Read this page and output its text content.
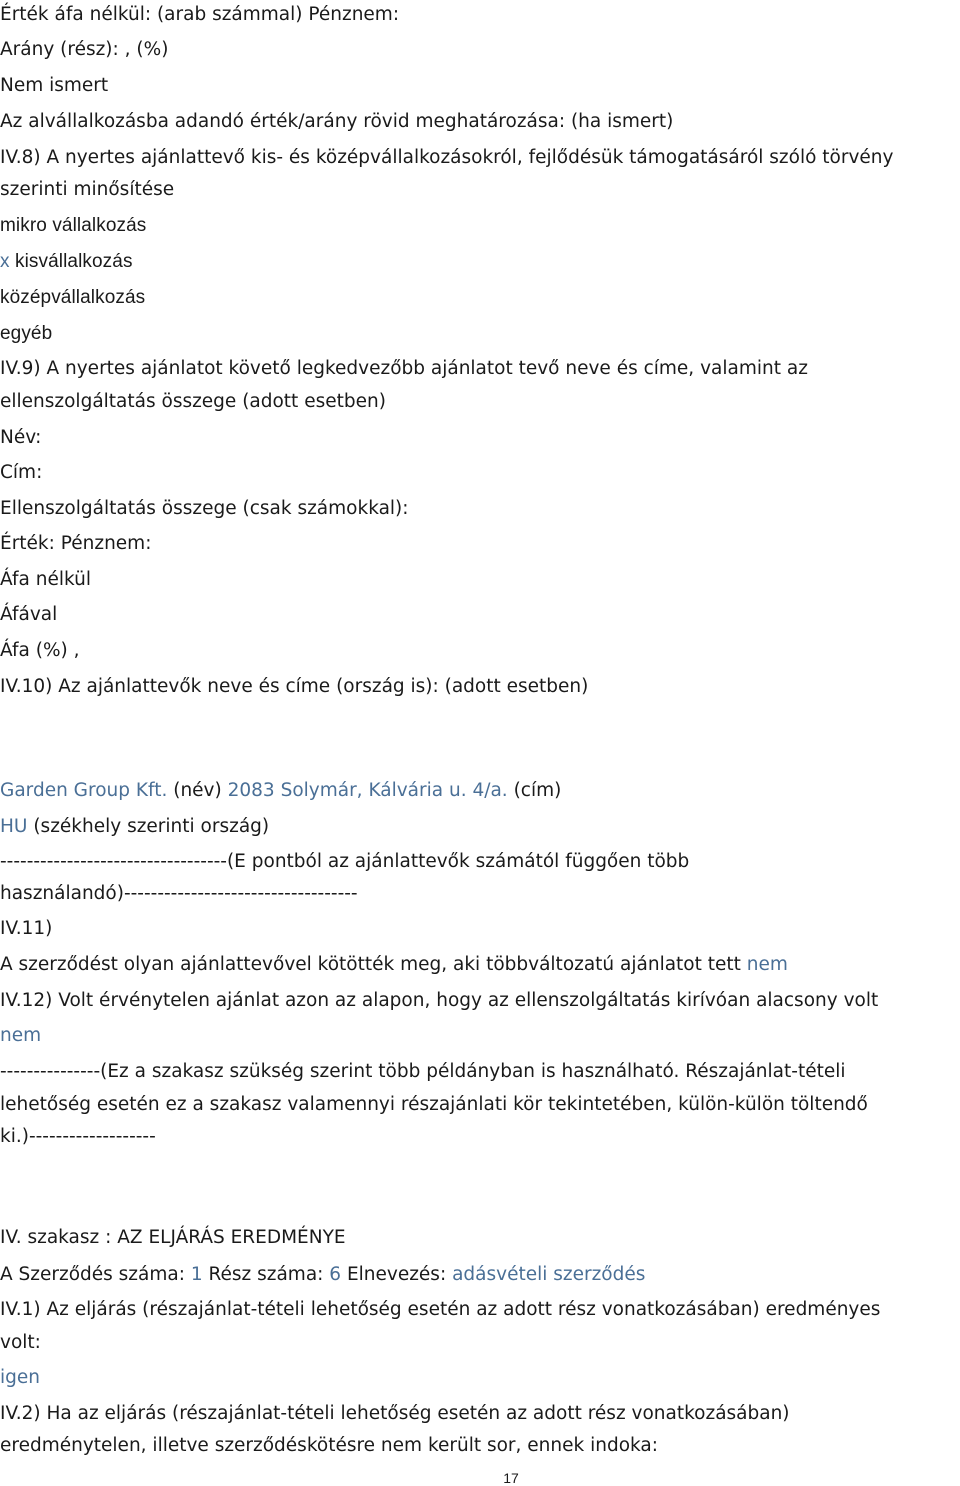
Érték áfa nélkül: (arab számmal) Pénznem:
Arány (rész): , (%)
Nem ismert
Az alvállalkozásba adandó érték/arány rövid meghatározása: (ha ismert)
IV.8) A nyertes ajánlattevő kis- és középvállalkozásokról, fejlődésük támogatásáról szóló törvény
szerinti minősítése
mikro vállalkozás
x kisvállalkozás
középvállalkozás
egyéb
IV.9) A nyertes ajánlatot követő legkedvezőbb ajánlatot tevő neve és címe, valamint az
ellenszolgáltatás összege (adott esetben)
Név:
Cím:
Ellenszolgáltatás összege (csak számokkal):
Érték: Pénznem:
Áfa nélkül
Áfával
Áfa (%) ,
IV.10) Az ajánlattevők neve és címe (ország is): (adott esetben)
Garden Group Kft. (név) 2083 Solymár, Kálvária u. 4/a. (cím)
HU (székhely szerinti ország)
----------------------------------(E pontból az ajánlattevők számától függően több
használandó)-----------------------------------
IV.11)
A szerződést olyan ajánlattevővel kötötték meg, aki többváltozatú ajánlatot tett nem
IV.12) Volt érvénytelen ajánlat azon az alapon, hogy az ellenszolgáltatás kirívóan alacsony volt
nem
---------------(Ez a szakasz szükség szerint több példányban is használható. Részajánlat-tételi
lehetőség esetén ez a szakasz valamennyi részajánlati kör tekintetében, külön-külön töltendő
ki.)-------------------
IV. szakasz : AZ ELJÁRÁS EREDMÉNYE
A Szerződés száma: 1 Rész száma: 6 Elnevezés: adásvételi szerződés
IV.1) Az eljárás (részajánlat-tételi lehetőség esetén az adott rész vonatkozásában) eredményes
volt:
igen
IV.2) Ha az eljárás (részajánlat-tételi lehetőség esetén az adott rész vonatkozásában)
eredménytelen, illetve szerződéskötésre nem került sor, ennek indoka:
17
